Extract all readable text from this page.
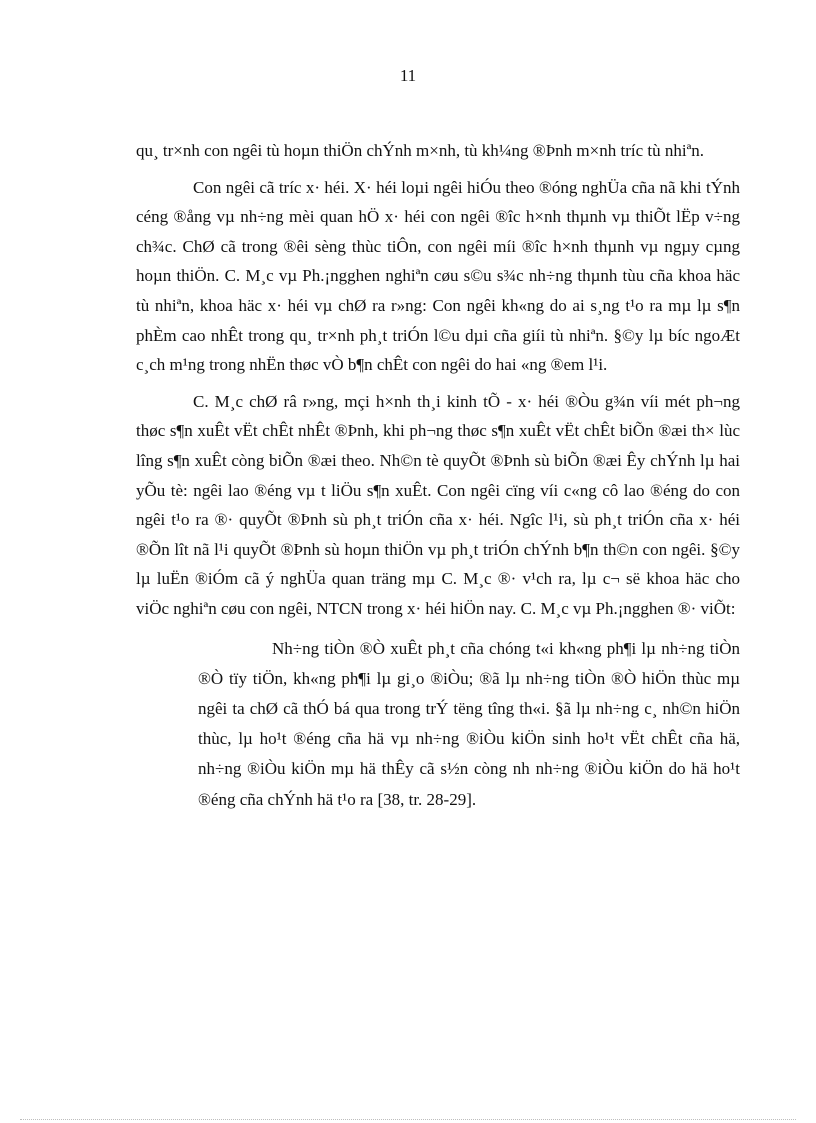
11

qu¸ tr×nh con ngêi tù hoµn thiÖn chÝnh m×nh, tù kh¼ng ®Þnh m×nh tríc tù nhiªn.

Con ngêi cã tríc x· héi. X· héi loµi ngêi hiÓu theo ®óng nghÜa cña nã khi tÝnh céng ®ång vµ nh÷ng mèi quan hÖ x· héi con ngêi ®îc h×nh thµnh vµ thiÕt lËp v÷ng ch¾c. ChØ cã trong ®êi sèng thùc tiÔn, con ngêi míi ®îc h×nh thµnh vµ ngµy cµng hoµn thiÖn. C. M¸c vµ Ph.¡ngghen nghiªn cøu s©u s¾c nh÷ng thµnh tùu cña khoa häc tù nhiªn, khoa häc x· héi vµ chØ ra r»ng: Con ngêi kh«ng do ai s¸ng t¹o ra mµ lµ s¶n phÈm cao nhÊt trong qu¸ tr×nh ph¸t triÓn l©u dµi cña giíi tù nhiªn. §©y lµ bíc ngoÆt c¸ch m¹ng trong nhËn thøc vÒ b¶n chÊt con ngêi do hai «ng ®em l¹i.

C. M¸c chØ râ r»ng, mçi h×nh th¸i kinh tÕ - x· héi ®Òu g¾n víi mét ph¬ng thøc s¶n xuÊt vËt chÊt nhÊt ®Þnh, khi ph¬ng thøc s¶n xuÊt vËt chÊt biÕn ®æi th× lùc lîng s¶n xuÊt còng biÕn ®æi theo. Nh©n tè quyÕt ®Þnh sù biÕn ®æi Êy chÝnh lµ hai yÕu tè: ngêi lao ®éng vµ t liÖu s¶n xuÊt. Con ngêi cïng víi c«ng cô lao ®éng do con ngêi t¹o ra ®· quyÕt ®Þnh sù ph¸t triÓn cña x· héi. Ngîc l¹i, sù ph¸t triÓn cña x· héi ®Õn lît nã l¹i quyÕt ®Þnh sù hoµn thiÖn vµ ph¸t triÓn chÝnh b¶n th©n con ngêi. §©y lµ luËn ®iÓm cã ý nghÜa quan träng mµ C. M¸c ®· v¹ch ra, lµ c¬ së khoa häc cho viÖc nghiªn cøu con ngêi, NTCN trong x· héi hiÖn nay. C. M¸c vµ Ph.¡ngghen ®· viÕt:

Nh÷ng tiÒn ®Ò xuÊt ph¸t cña chóng t«i kh«ng ph¶i lµ nh÷ng tiÒn ®Ò tïy tiÖn, kh«ng ph¶i lµ gi¸o ®iÒu; ®ã lµ nh÷ng tiÒn ®Ò hiÖn thùc mµ ngêi ta chØ cã thÓ bá qua trong trÝ tëng tîng th«i. §ã lµ nh÷ng c¸ nh©n hiÖn thùc, lµ ho¹t ®éng cña hä vµ nh÷ng ®iÒu kiÖn sinh ho¹t vËt chÊt cña hä, nh÷ng ®iÒu kiÖn mµ hä thÊy cã s½n còng nh nh÷ng ®iÒu kiÖn do hä ho¹t ®éng cña chÝnh hä t¹o ra [38, tr. 28-29].
